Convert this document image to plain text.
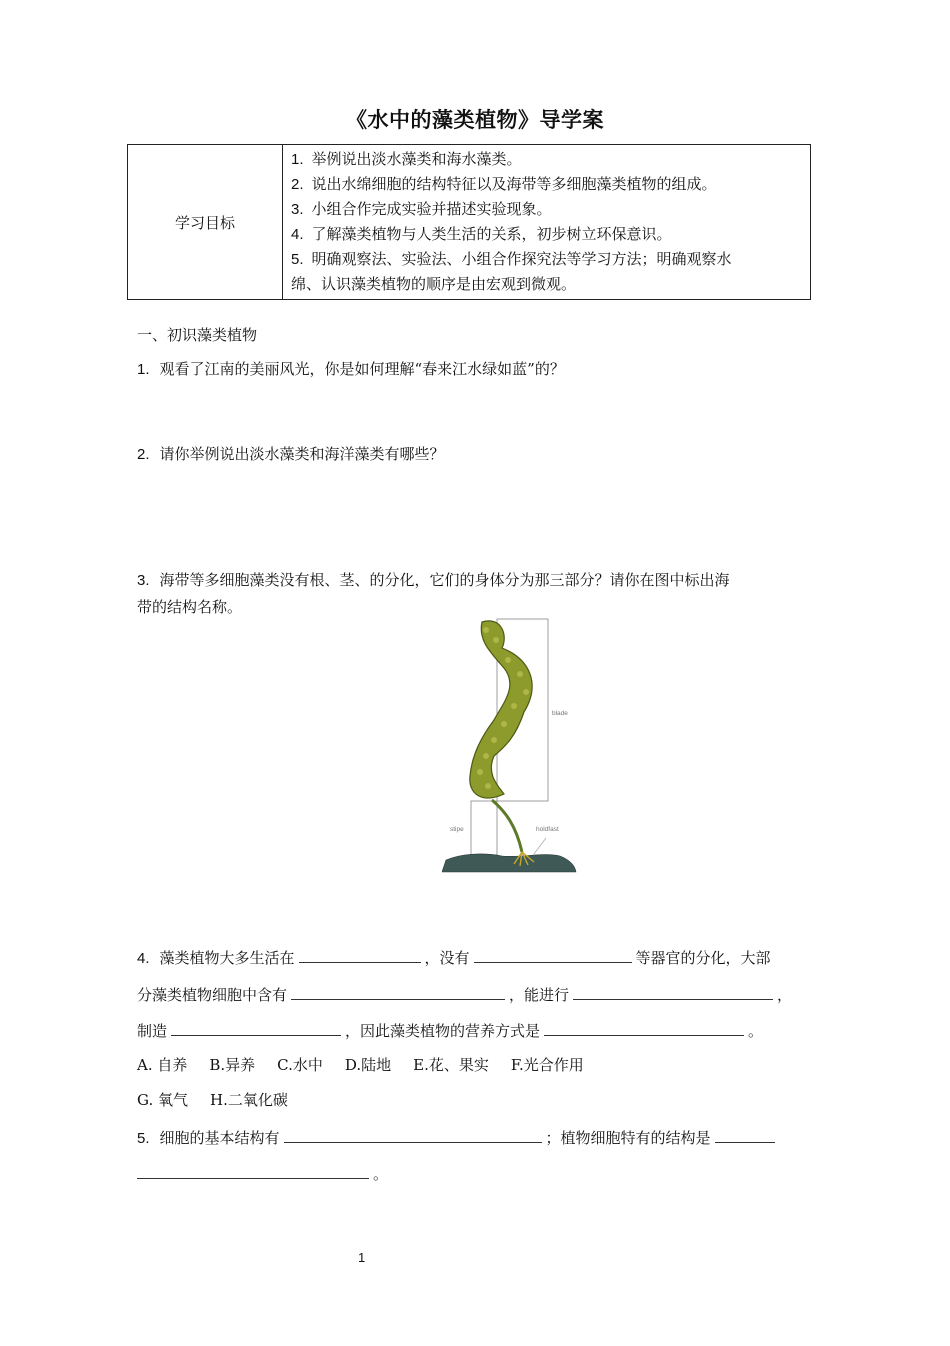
《水中的藻类植物》导学案
学习目标	
1. 举例说出淡水藻类和海水藻类。
2. 说出水绵细胞的结构特征以及海带等多细胞藻类植物的组成。
3. 小组合作完成实验并描述实验现象。
4. 了解藻类植物与人类生活的关系，初步树立环保意识。
5. 明确观察法、实验法、小组合作探究法等学习方法；明确观察水
绵、认识藻类植物的顺序是由宏观到微观。
一、初识藻类植物
1. 观看了江南的美丽风光，你是如何理解“春来江水绿如蓝”的？
2. 请你举例说出淡水藻类和海洋藻类有哪些？
3. 海带等多细胞藻类没有根、茎、的分化，它们的身体分为那三部分？请你在图中标出海
带的结构名称。
blade
stipe	holdfast
4. 藻类植物大多生活在	，没有	等器官的分化，大部
分藻类植物细胞中含有	，能进行	，
制造	，因此藻类植物的营养方式是	。
A. 自养 B.异养 C.水中 D.陆地 E.花、果实 F.光合作用
G. 氧气 H.二氧化碳
5. 细胞的基本结构有	；植物细胞特有的结构是
。
1
